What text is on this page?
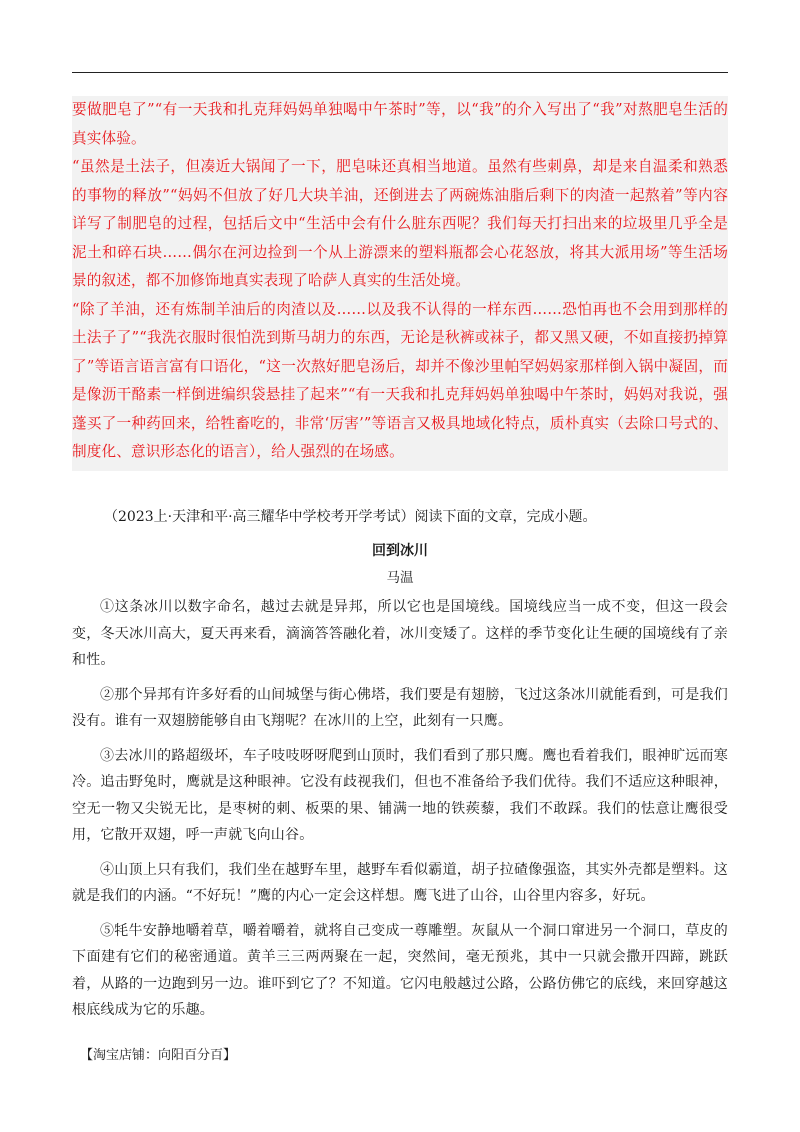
要做肥皂了”“有一天我和扎克拜妈妈单独喝中午茶时”等，以“我”的介入写出了“我”对熬肥皂生活的真实体验。

“虽然是土法子，但凑近大锅闻了一下，肥皂味还真相当地道。虽然有些刺鼻，却是来自温柔和熟悉的事物的释放”“妈妈不但放了好几大块羊油，还倒进去了两碗炼油脂后剩下的肉渣一起熬着”等内容详写了制肥皂的过程，包括后文中“生活中会有什么脏东西呢？我们每天打扫出来的垃圾里几乎全是泥土和碎石块……偶尔在河边捡到一个从上游漂来的塑料瓶都会心花怒放，将其大派用场”等生活场景的叙述，都不加修饰地真实表现了哈萨人真实的生活处境。

“除了羊油，还有炼制羊油后的肉渣以及……以及我不认得的一样东西……恐怕再也不会用到那样的土法子了”“我洗衣服时很怕洗到斯马胡力的东西，无论是秋裤或袜子，都又黑又硬，不如直接扔掉算了”等语言语言富有口语化，“这一次熬好肥皂汤后，却并不像沙里帕罕妈妈家那样倒入锅中凝固，而是像沥干酪素一样倒进编织袋悬挂了起来”“有一天我和扎克拜妈妈单独喝中午茶时，妈妈对我说，强蓬买了一种药回来，给牲畜吃的，非常‘厉害’”等语言又极具地域化特点，质朴真实（去除口号式的、制度化、意识形态化的语言），给人强烈的在场感。

（2023上·天津和平·高三耀华中学校考开学考试）阅读下面的文章，完成小题。
回到冰川
马温

①这条冰川以数字命名，越过去就是异邦，所以它也是国境线。国境线应当一成不变，但这一段会变，冬天冰川高大，夏天再来看，滴滴答答融化着，冰川变矮了。这样的季节变化让生硬的国境线有了亲和性。

②那个异邦有许多好看的山间城堡与街心佛塔，我们要是有翅膀，飞过这条冰川就能看到，可是我们没有。谁有一双翅膀能够自由飞翔呢？在冰川的上空，此刻有一只鹰。

③去冰川的路超级坏，车子吱吱呀呀爬到山顶时，我们看到了那只鹰。鹰也看着我们，眼神旷远而寒冷。追击野兔时，鹰就是这种眼神。它没有歧视我们，但也不准备给予我们优待。我们不适应这种眼神，空无一物又尖锐无比，是枣树的刺、板栗的果、铺满一地的铁蒺藜，我们不敢踩。我们的怯意让鹰很受用，它散开双翅，呼一声就飞向山谷。

④山顶上只有我们，我们坐在越野车里，越野车看似霸道，胡子拉碴像强盗，其实外壳都是塑料。这就是我们的内涵。“不好玩！”鹰的内心一定会这样想。鹰飞进了山谷，山谷里内容多，好玩。

⑤牦牛安静地嚼着草，嚼着嚼着，就将自己变成一尊雕塑。灰鼠从一个洞口窜进另一个洞口，草皮的下面建有它们的秘密通道。黄羊三三两两聚在一起，突然间，毫无预兆，其中一只就会撒开四蹄，跳跃着，从路的一边跑到另一边。谁吓到它了？不知道。它闪电般越过公路，公路仿佛它的底线，来回穿越这根底线成为它的乐趣。

【淘宝店铺：向阳百分百】
